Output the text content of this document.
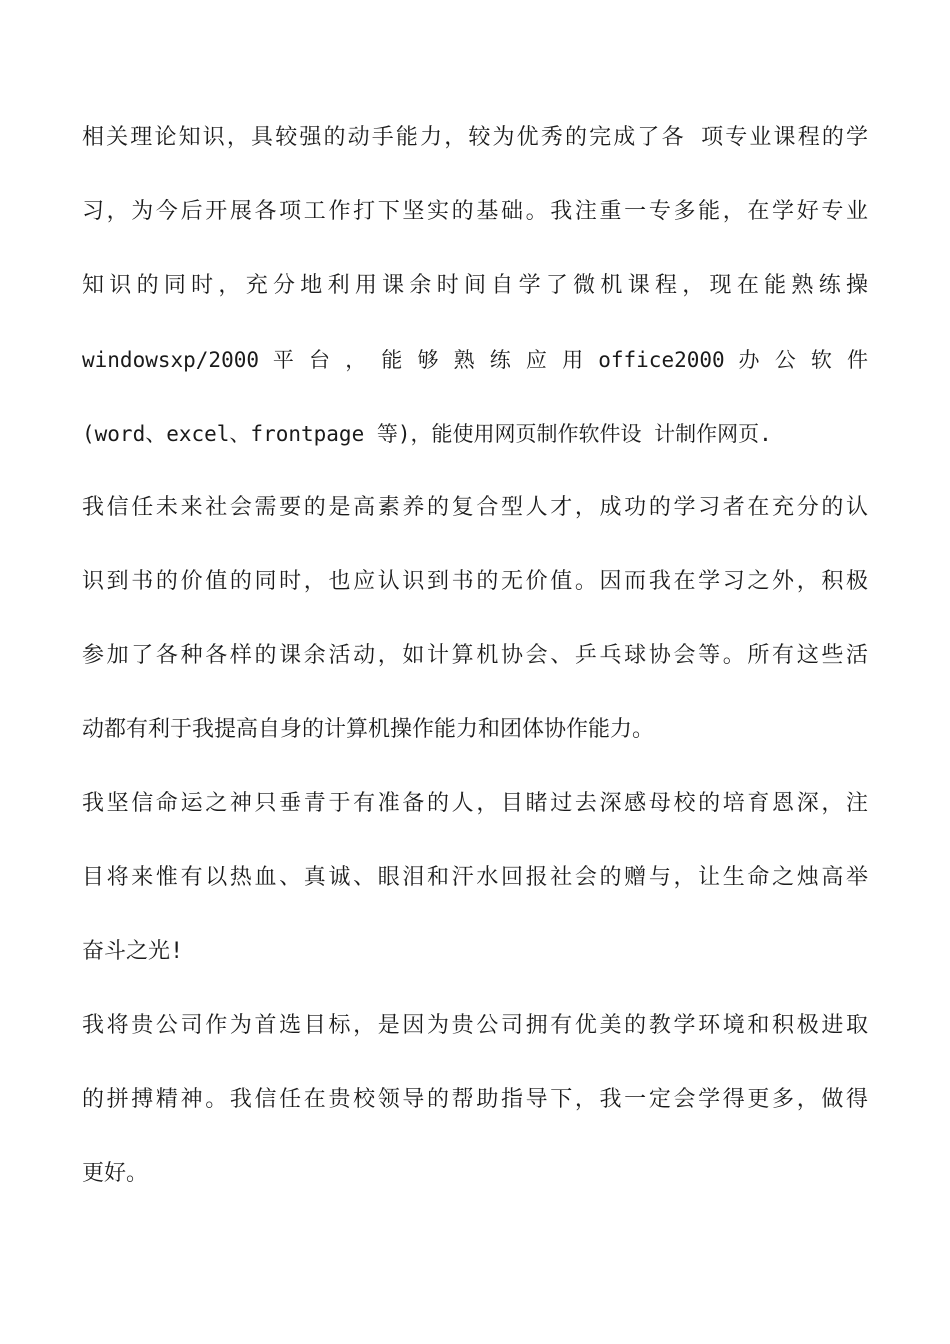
相关理论知识，具较强的动手能力，较为优秀的完成了各 项专业课程的学
习，为今后开展各项工作打下坚实的基础。我注重一专多能，在学好专业
知识的同时，充分地利用课余时间自学了微机课程，现在能熟练操
windowsxp/2000 平 台 ， 能 够 熟 练 应 用 office2000 办 公 软 件
(word、excel、frontpage 等)，能使用网页制作软件设 计制作网页.
我信任未来社会需要的是高素养的复合型人才，成功的学习者在充分的认
识到书的价值的同时，也应认识到书的无价值。因而我在学习之外，积极
参加了各种各样的课余活动，如计算机协会、乒乓球协会等。所有这些活
动都有利于我提高自身的计算机操作能力和团体协作能力。
我坚信命运之神只垂青于有准备的人，目睹过去深感母校的培育恩深，注
目将来惟有以热血、真诚、眼泪和汗水回报社会的赠与，让生命之烛高举
奋斗之光!
我将贵公司作为首选目标，是因为贵公司拥有优美的教学环境和积极进取
的拼搏精神。我信任在贵校领导的帮助指导下，我一定会学得更多，做得
更好。
